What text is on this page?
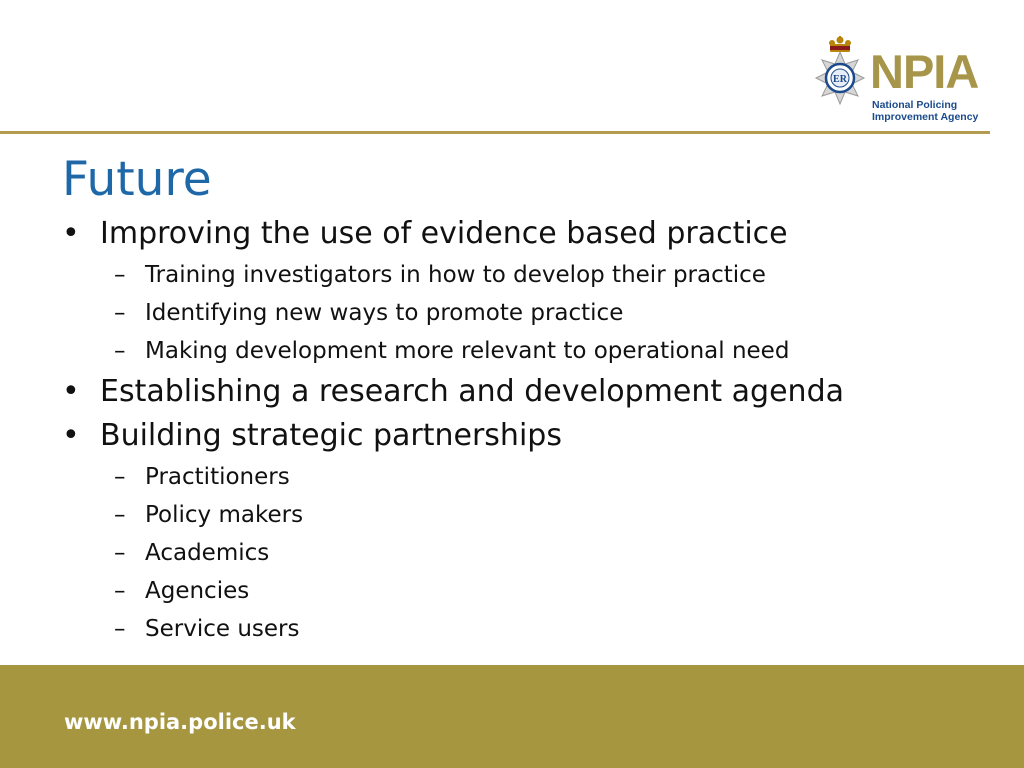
ER NPIA
National Policing
Improvement Agency
Future
• Improving the use of evidence based practice
– Training investigators in how to develop their practice
– Identifying new ways to promote practice
– Making development more relevant to operational need
• Establishing a research and development agenda
• Building strategic partnerships
– Practitioners
– Policy makers
– Academics
– Agencies
– Service users
www.npia.police.uk
